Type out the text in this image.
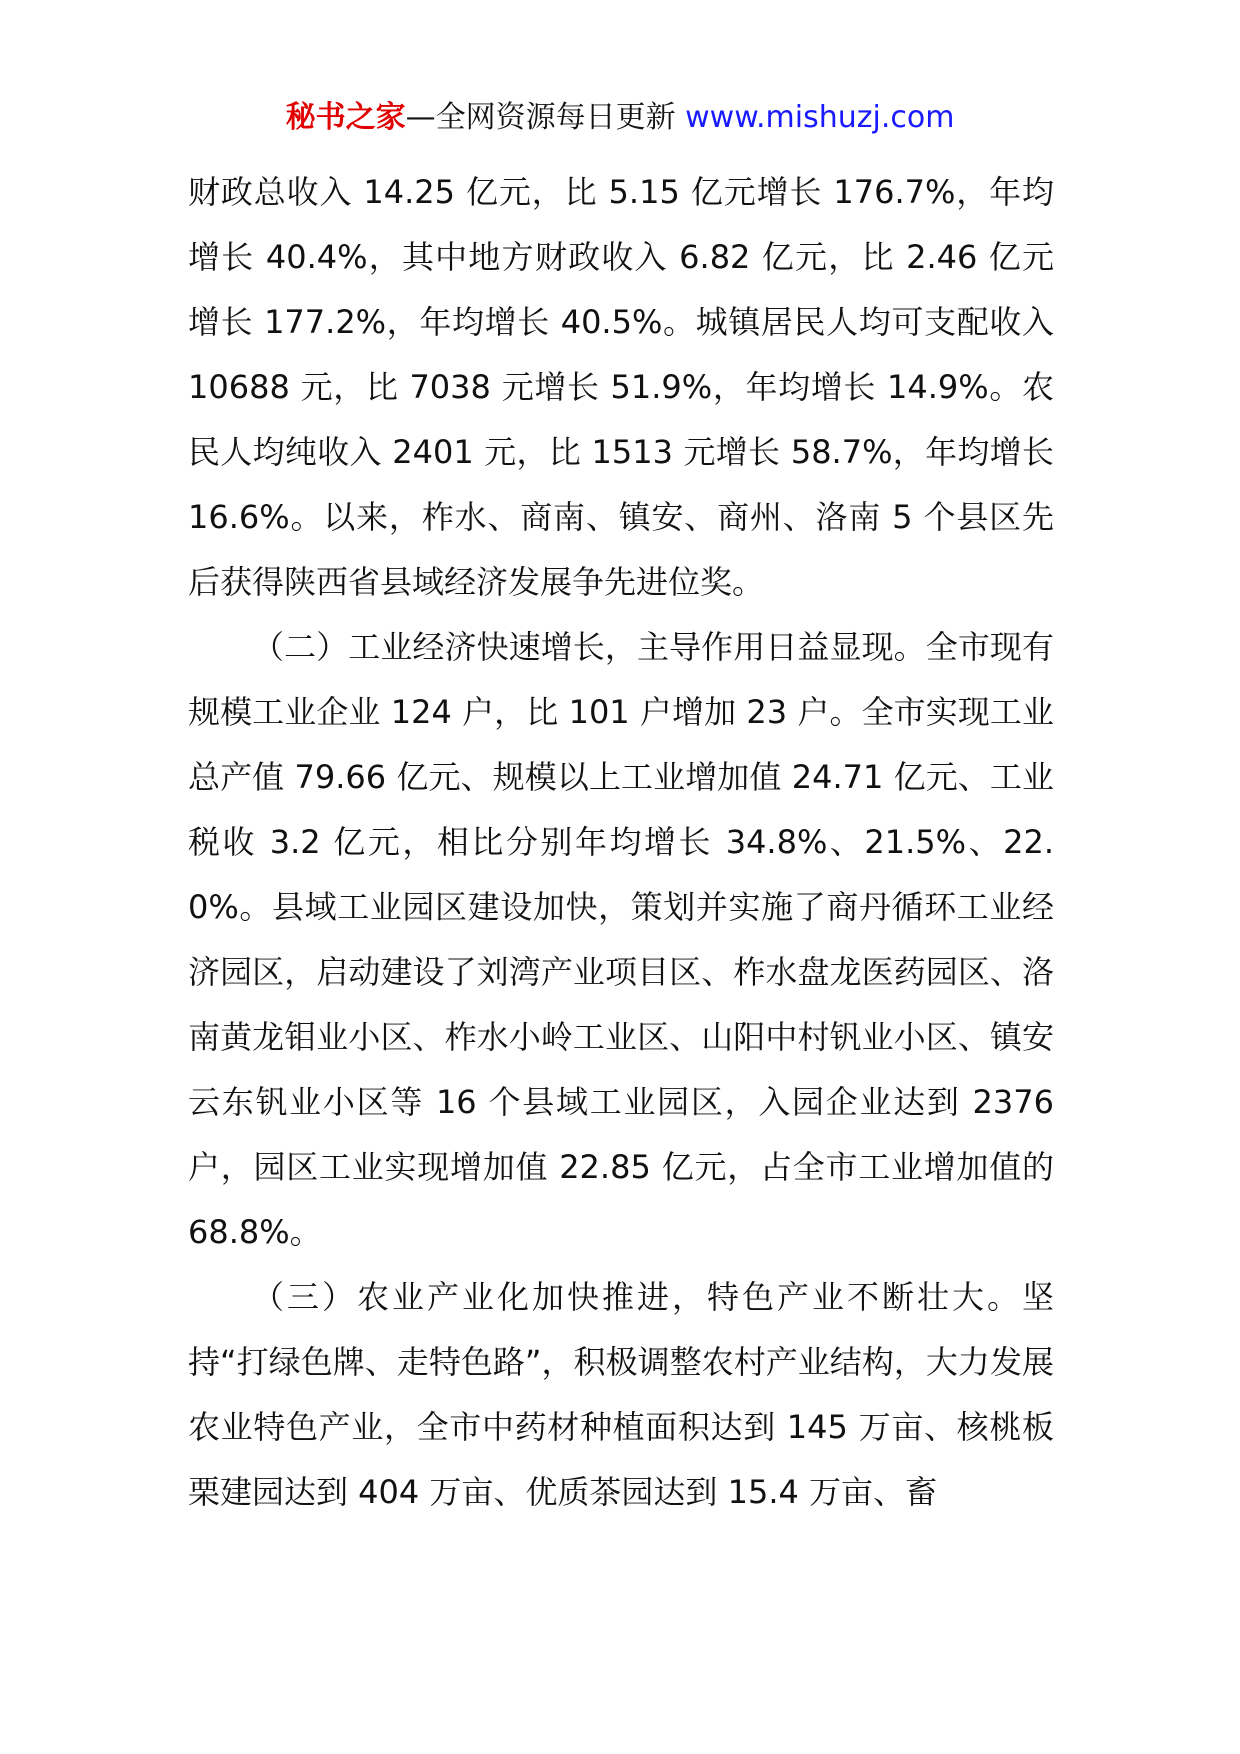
秘书之家—全网资源每日更新 www.mishuzj.com

财政总收入 14.25 亿元，比 5.15 亿元增长 176.7%，年均增长 40.4%，其中地方财政收入 6.82 亿元，比 2.46 亿元增长 177.2%，年均增长 40.5%。城镇居民人均可支配收入 10688 元，比 7038 元增长 51.9%，年均增长 14.9%。农民人均纯收入 2401 元，比 1513 元增长 58.7%，年均增长 16.6%。以来，柞水、商南、镇安、商州、洛南 5 个县区先后获得陕西省县域经济发展争先进位奖。

（二）工业经济快速增长，主导作用日益显现。全市现有规模工业企业 124 户，比 101 户增加 23 户。全市实现工业总产值 79.66 亿元、规模以上工业增加值 24.71 亿元、工业税收 3.2 亿元，相比分别年均增长 34.8%、21.5%、22.0%。县域工业园区建设加快，策划并实施了商丹循环工业经济园区，启动建设了刘湾产业项目区、柞水盘龙医药园区、洛南黄龙钼业小区、柞水小岭工业区、山阳中村钒业小区、镇安云东钒业小区等 16 个县域工业园区，入园企业达到 2376 户，园区工业实现增加值 22.85 亿元，占全市工业增加值的 68.8%。

（三）农业产业化加快推进，特色产业不断壮大。坚持“打绿色牌、走特色路”，积极调整农村产业结构，大力发展农业特色产业，全市中药材种植面积达到 145 万亩、核桃板栗建园达到 404 万亩、优质茶园达到 15.4 万亩、畜
